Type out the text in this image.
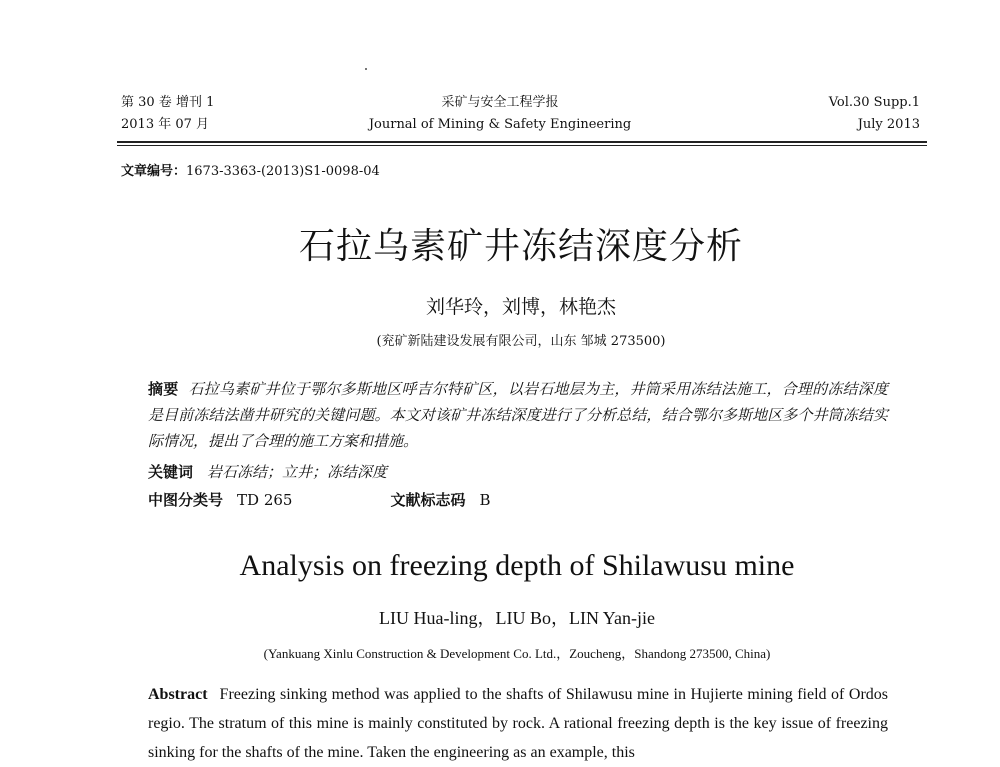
第 30 卷 增刊 1
2013 年 07 月
采矿与安全工程学报
Journal of Mining & Safety Engineering
Vol.30 Supp.1
July 2013
文章编号：1673-3363-(2013)S1-0098-04
石拉乌素矿井冻结深度分析
刘华玲，刘博，林艳杰
(兖矿新陆建设发展有限公司，山东 邹城 273500)
摘要 石拉乌素矿井位于鄂尔多斯地区呼吉尔特矿区，以岩石地层为主，井筒采用冻结法施工，合理的冻结深度是目前冻结法凿井研究的关键问题。本文对该矿井冻结深度进行了分析总结，结合鄂尔多斯地区多个井筒冻结实际情况，提出了合理的施工方案和措施。
关键词 岩石冻结；立井；冻结深度
中图分类号 TD 265	文献标志码 B
Analysis on freezing depth of Shilawusu mine
LIU Hua-ling，LIU Bo，LIN Yan-jie
(Yankuang Xinlu Construction & Development Co. Ltd.，Zoucheng，Shandong 273500, China)
Abstract Freezing sinking method was applied to the shafts of Shilawusu mine in Hujierte mining field of Ordos regio. The stratum of this mine is mainly constituted by rock. A rational freezing depth is the key issue of freezing sinking for the shafts of the mine. Taken the engineering as an example, this
